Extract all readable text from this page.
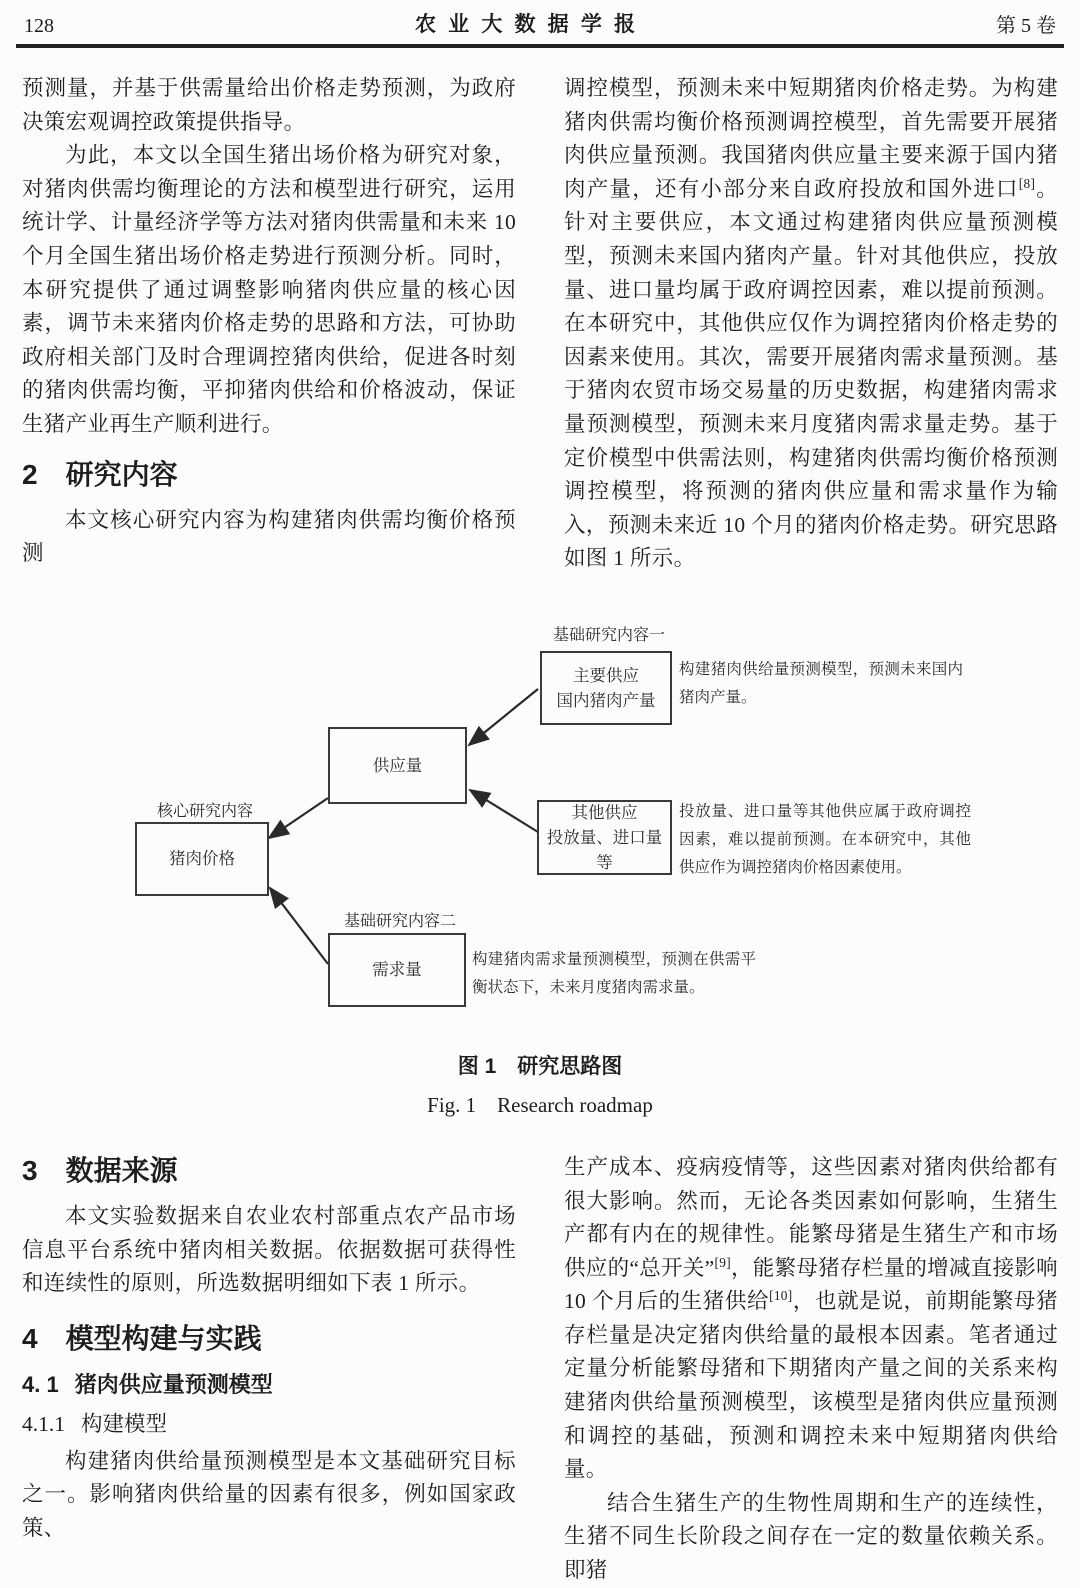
128	农业大数据学报	第 5 卷

预测量，并基于供需量给出价格走势预测，为政府决策宏观调控政策提供指导。

为此，本文以全国生猪出场价格为研究对象，对猪肉供需均衡理论的方法和模型进行研究，运用统计学、计量经济学等方法对猪肉供需量和未来 10 个月全国生猪出场价格走势进行预测分析。同时，本研究提供了通过调整影响猪肉供应量的核心因素，调节未来猪肉价格走势的思路和方法，可协助政府相关部门及时合理调控猪肉供给，促进各时刻的猪肉供需均衡，平抑猪肉供给和价格波动，保证生猪产业再生产顺利进行。

2 研究内容

本文核心研究内容为构建猪肉供需均衡价格预测

调控模型，预测未来中短期猪肉价格走势。为构建猪肉供需均衡价格预测调控模型，首先需要开展猪肉供应量预测。我国猪肉供应量主要来源于国内猪肉产量，还有小部分来自政府投放和国外进口[8]。针对主要供应，本文通过构建猪肉供应量预测模型，预测未来国内猪肉产量。针对其他供应，投放量、进口量均属于政府调控因素，难以提前预测。在本研究中，其他供应仅作为调控猪肉价格走势的因素来使用。其次，需要开展猪肉需求量预测。基于猪肉农贸市场交易量的历史数据，构建猪肉需求量预测模型，预测未来月度猪肉需求量走势。基于定价模型中供需法则，构建猪肉供需均衡价格预测调控模型，将预测的猪肉供应量和需求量作为输入，预测未来近 10 个月的猪肉价格走势。研究思路如图 1 所示。

基础研究内容一
核心研究内容
基础研究内容二
主要供应
国内猪肉产量
供应量
猪肉价格
其他供应
投放量、进口量等
需求量
构建猪肉供给量预测模型，预测未来国内猪肉产量。
投放量、进口量等其他供应属于政府调控因素，难以提前预测。在本研究中，其他供应作为调控猪肉价格因素使用。
构建猪肉需求量预测模型，预测在供需平衡状态下，未来月度猪肉需求量。
图 1　研究思路图
Fig. 1　Research roadmap
3 数据来源

本文实验数据来自农业农村部重点农产品市场信息平台系统中猪肉相关数据。依据数据可获得性和连续性的原则，所选数据明细如下表 1 所示。

4 模型构建与实践
4. 1 猪肉供应量预测模型
4.1.1 构建模型

构建猪肉供给量预测模型是本文基础研究目标之一。影响猪肉供给量的因素有很多，例如国家政策、

生产成本、疫病疫情等，这些因素对猪肉供给都有很大影响。然而，无论各类因素如何影响，生猪生产都有内在的规律性。能繁母猪是生猪生产和市场供应的“总开关”[9]，能繁母猪存栏量的增减直接影响 10 个月后的生猪供给[10]，也就是说，前期能繁母猪存栏量是决定猪肉供给量的最根本因素。笔者通过定量分析能繁母猪和下期猪肉产量之间的关系来构建猪肉供给量预测模型，该模型是猪肉供应量预测和调控的基础，预测和调控未来中短期猪肉供给量。

结合生猪生产的生物性周期和生产的连续性，生猪不同生长阶段之间存在一定的数量依赖关系。即猪
